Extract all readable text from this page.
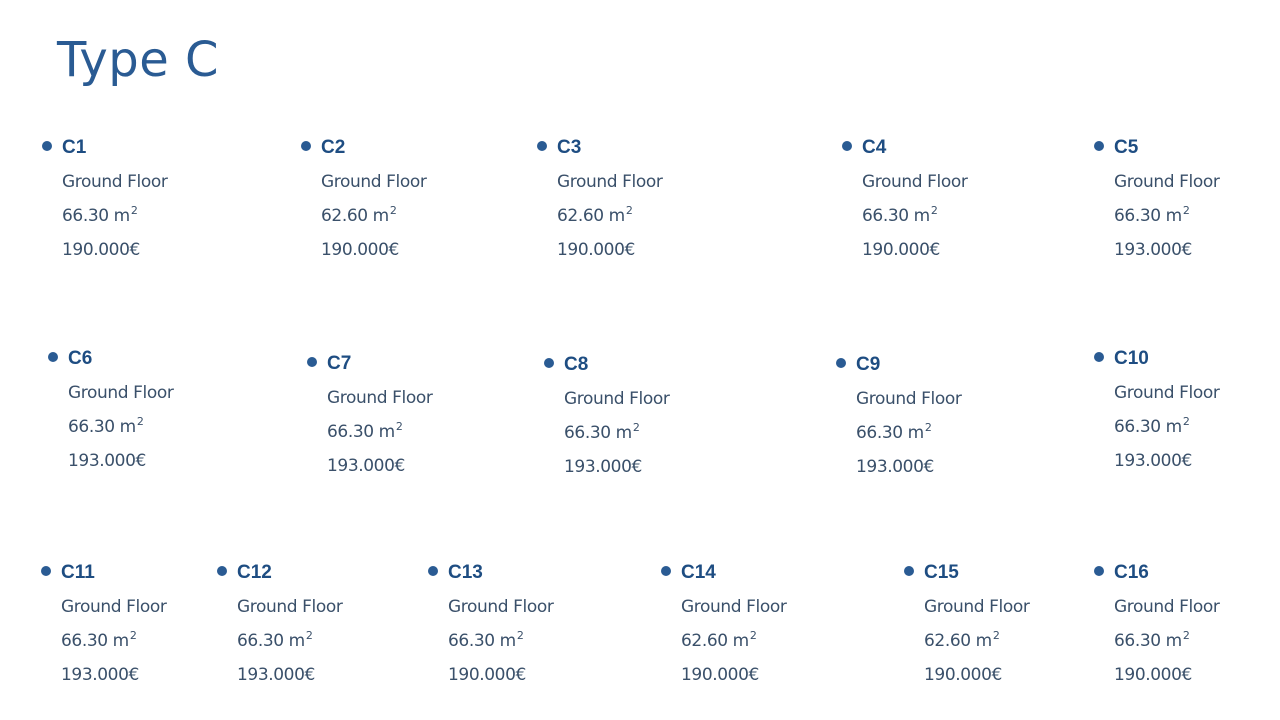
Type C
C1
Ground Floor
66.30 $m^2$
190.000€
C2
Ground Floor
62.60 $m^2$
190.000€
C3
Ground Floor
62.60 $m^2$
190.000€
C4
Ground Floor
66.30 $m^2$
190.000€
C5
Ground Floor
66.30 $m^2$
193.000€
C6
Ground Floor
66.30 $m^2$
193.000€
C7
Ground Floor
66.30 $m^2$
193.000€
C8
Ground Floor
66.30 $m^2$
193.000€
C9
Ground Floor
66.30 $m^2$
193.000€
C10
Ground Floor
66.30 $m^2$
193.000€
C11
Ground Floor
66.30 $m^2$
193.000€
C12
Ground Floor
66.30 $m^2$
193.000€
C13
Ground Floor
66.30 $m^2$
190.000€
C14
Ground Floor
62.60 $m^2$
190.000€
C15
Ground Floor
62.60 $m^2$
190.000€
C16
Ground Floor
66.30 $m^2$
190.000€
